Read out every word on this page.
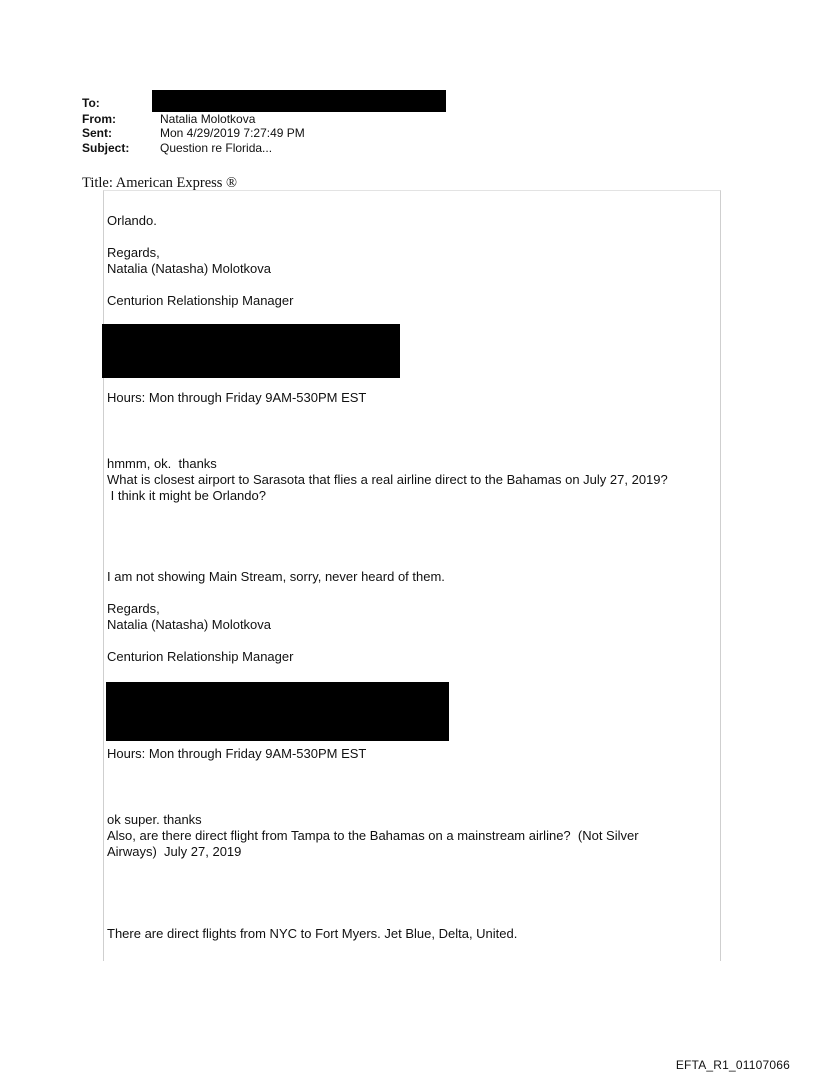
To:
From:	Natalia Molotkova
Sent:	Mon 4/29/2019 7:27:49 PM
Subject:	Question re Florida...
Title: American Express ®
Orlando.
Regards,
Natalia (Natasha) Molotkova
Centurion Relationship Manager
Hours: Mon through Friday 9AM-530PM EST
hmmm, ok.  thanks
What is closest airport to Sarasota that flies a real airline direct to the Bahamas on July 27, 2019?
I think it might be Orlando?
I am not showing Main Stream, sorry, never heard of them.
Regards,
Natalia (Natasha) Molotkova
Centurion Relationship Manager
Hours: Mon through Friday 9AM-530PM EST
ok super. thanks
Also, are there direct flight from Tampa to the Bahamas on a mainstream airline?  (Not Silver
Airways)  July 27, 2019
There are direct flights from NYC to Fort Myers. Jet Blue, Delta, United.
EFTA_R1_01107066
